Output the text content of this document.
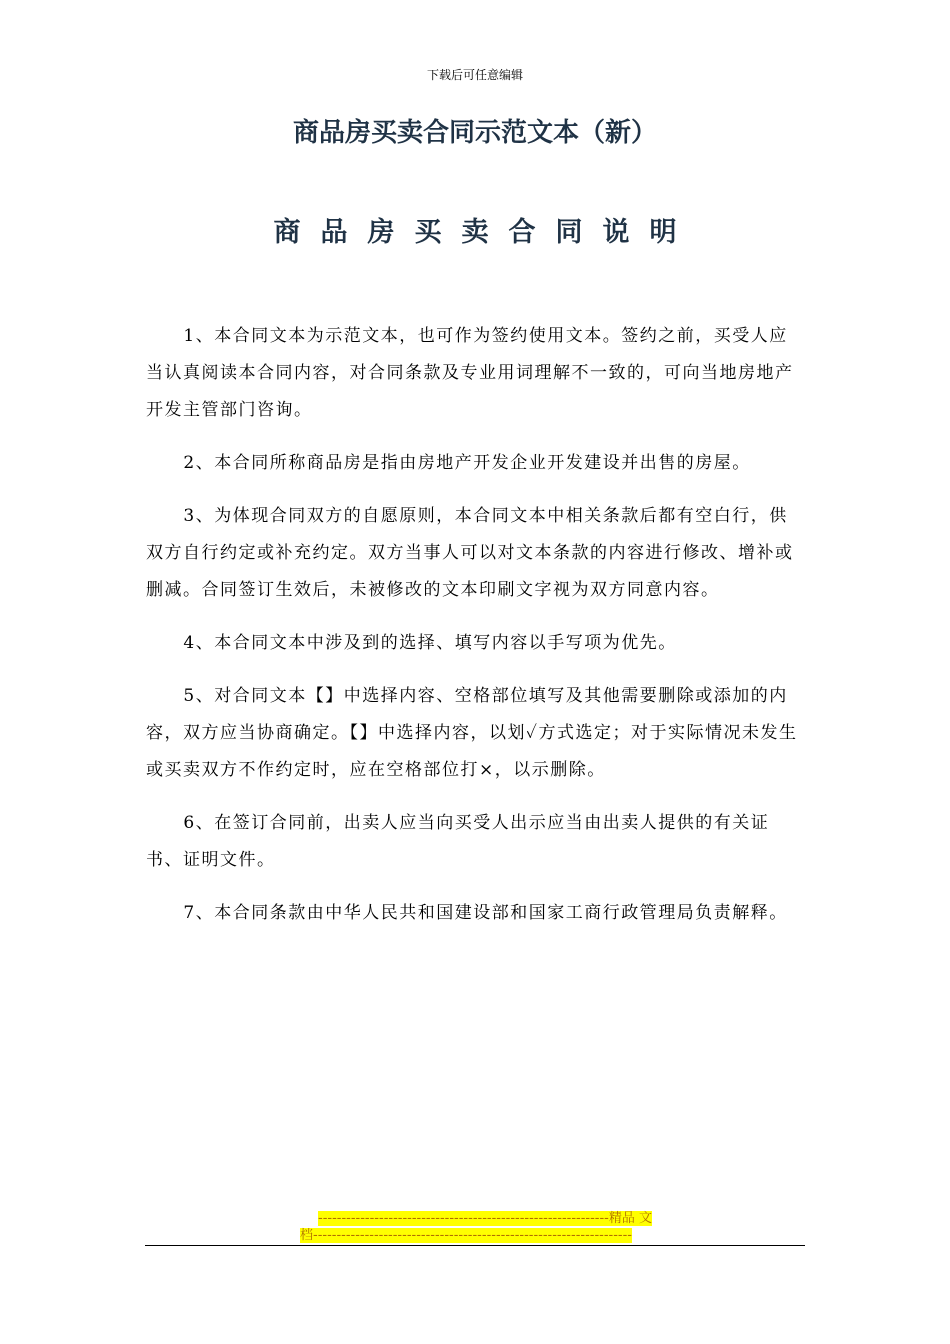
下载后可任意编辑
商品房买卖合同示范文本（新）
商品房买卖合同说明

1、本合同文本为示范文本，也可作为签约使用文本。签约之前，买受人应当认真阅读本合同内容，对合同条款及专业用词理解不一致的，可向当地房地产开发主管部门咨询。

2、本合同所称商品房是指由房地产开发企业开发建设并出售的房屋。

3、为体现合同双方的自愿原则，本合同文本中相关条款后都有空白行，供双方自行约定或补充约定。双方当事人可以对文本条款的内容进行修改、增补或删减。合同签订生效后，未被修改的文本印刷文字视为双方同意内容。

4、本合同文本中涉及到的选择、填写内容以手写项为优先。

5、对合同文本【】中选择内容、空格部位填写及其他需要删除或添加的内容，双方应当协商确定。【】中选择内容，以划✓方式选定；对于实际情况未发生或买卖双方不作约定时，应在空格部位打×，以示删除。

6、在签订合同前，出卖人应当向买受人出示应当由出卖人提供的有关证书、证明文件。

7、本合同条款由中华人民共和国建设部和国家工商行政管理局负责解释。

--------------------------------------------------------------精品 文
档--------------------------------------------------------------------
